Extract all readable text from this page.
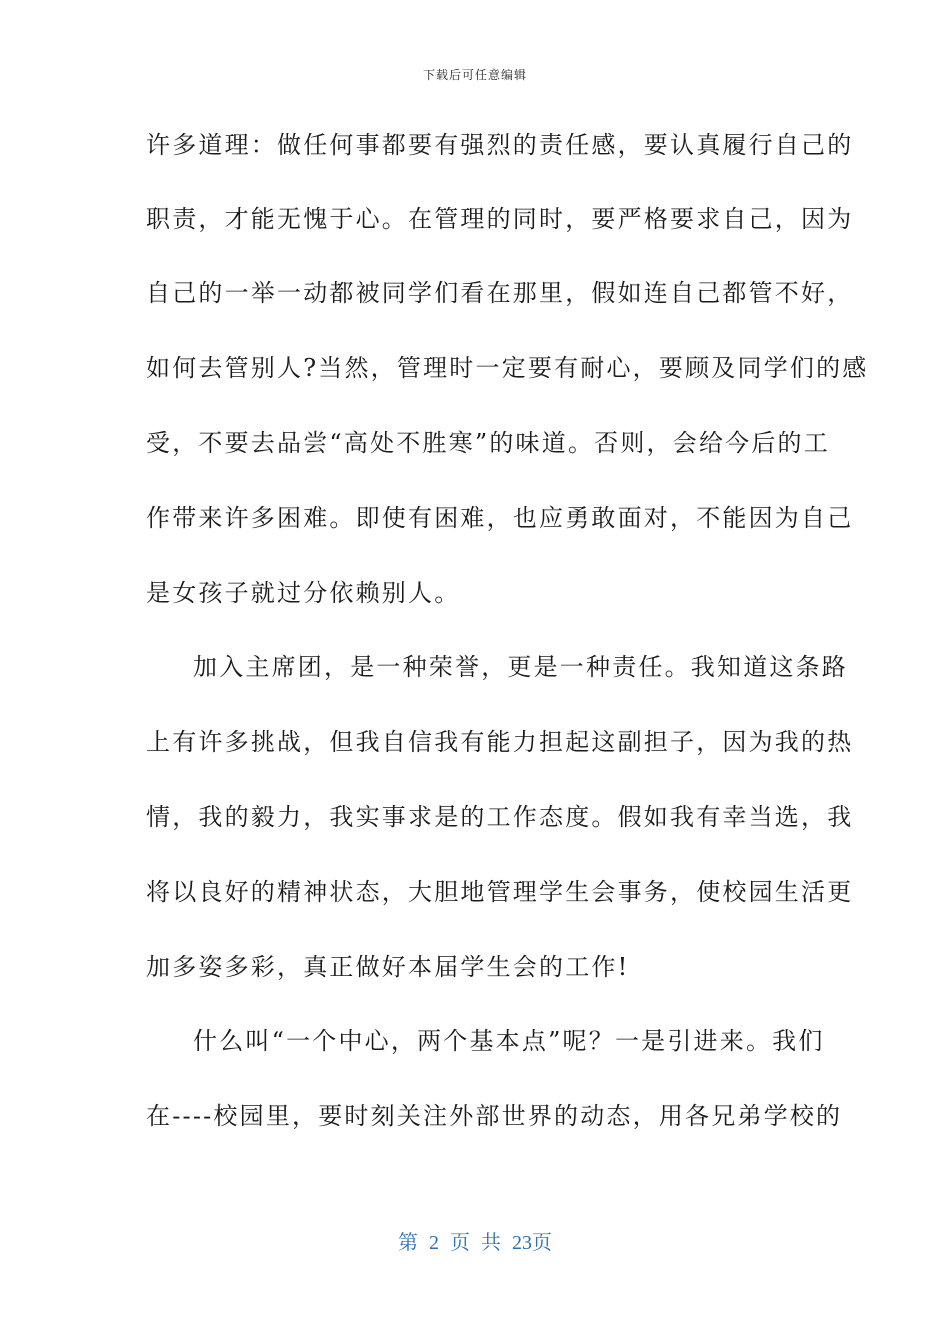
下载后可任意编辑
许多道理：做任何事都要有强烈的责任感，要认真履行自己的
职责，才能无愧于心。在管理的同时，要严格要求自己，因为
自己的一举一动都被同学们看在那里，假如连自己都管不好，
如何去管别人?当然，管理时一定要有耐心，要顾及同学们的感
受，不要去品尝“高处不胜寒”的味道。否则，会给今后的工
作带来许多困难。即使有困难，也应勇敢面对，不能因为自己
是女孩子就过分依赖别人。
加入主席团，是一种荣誉，更是一种责任。我知道这条路
上有许多挑战，但我自信我有能力担起这副担子，因为我的热
情，我的毅力，我实事求是的工作态度。假如我有幸当选，我
将以良好的精神状态，大胆地管理学生会事务，使校园生活更
加多姿多彩，真正做好本届学生会的工作!
什么叫“一个中心，两个基本点”呢？一是引进来。我们
在----校园里，要时刻关注外部世界的动态，用各兄弟学校的
第 2 页 共 23页
